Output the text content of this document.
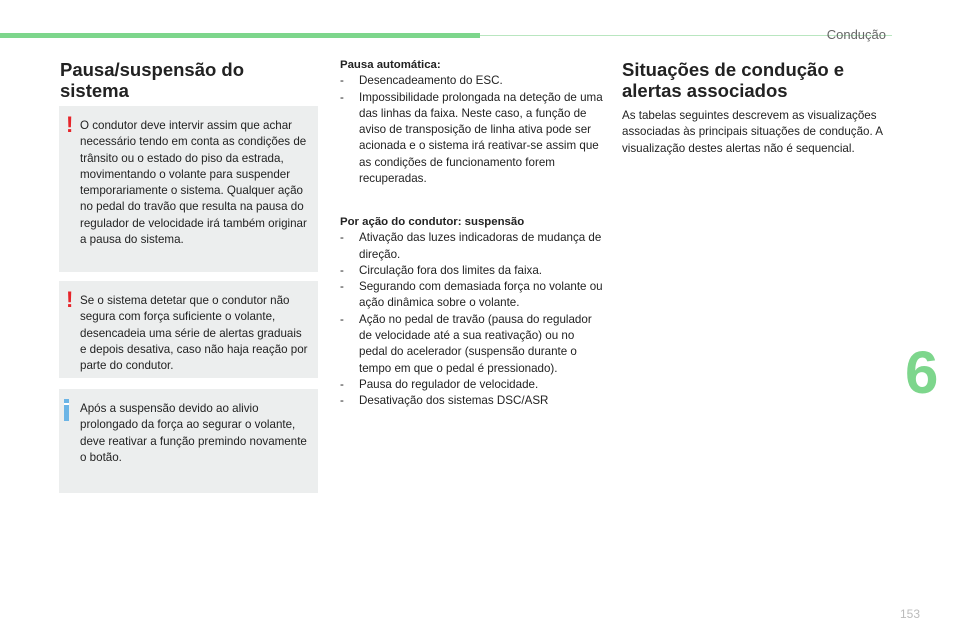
Condução
Pausa/suspensão do
sistema

O condutor deve intervir assim que achar necessário tendo em conta as condições de trânsito ou o estado do piso da estrada, movimentando o volante para suspender temporariamente o sistema. Qualquer ação no pedal do travão que resulta na pausa do regulador de velocidade irá também originar a pausa do sistema.

!

Se o sistema detetar que o condutor não segura com força suficiente o volante, desencadeia uma série de alertas graduais e depois desativa, caso não haja reação por parte do condutor.

!

Após a suspensão devido ao alivio prolongado da força ao segurar o volante, deve reativar a função premindo novamente o botão.

Pausa automática:
- Desencadeamento do ESC.
- Impossibilidade prolongada na deteção de uma das linhas da faixa. Neste caso, a função de aviso de transposição de linha ativa pode ser acionada e o sistema irá reativar-se assim que as condições de funcionamento forem recuperadas.
Por ação do condutor: suspensão
- Ativação das luzes indicadoras de mudança de direção.
- Circulação fora dos limites da faixa.
- Segurando com demasiada força no volante ou ação dinâmica sobre o volante.
- Ação no pedal de travão (pausa do regulador de velocidade até a sua reativação) ou no pedal do acelerador (suspensão durante o tempo em que o pedal é pressionado).
- Pausa do regulador de velocidade.
- Desativação dos sistemas DSC/ASR
Situações de condução e
alertas associados

As tabelas seguintes descrevem as visualizações associadas às principais situações de condução. A visualização destes alertas não é sequencial.

6
153
